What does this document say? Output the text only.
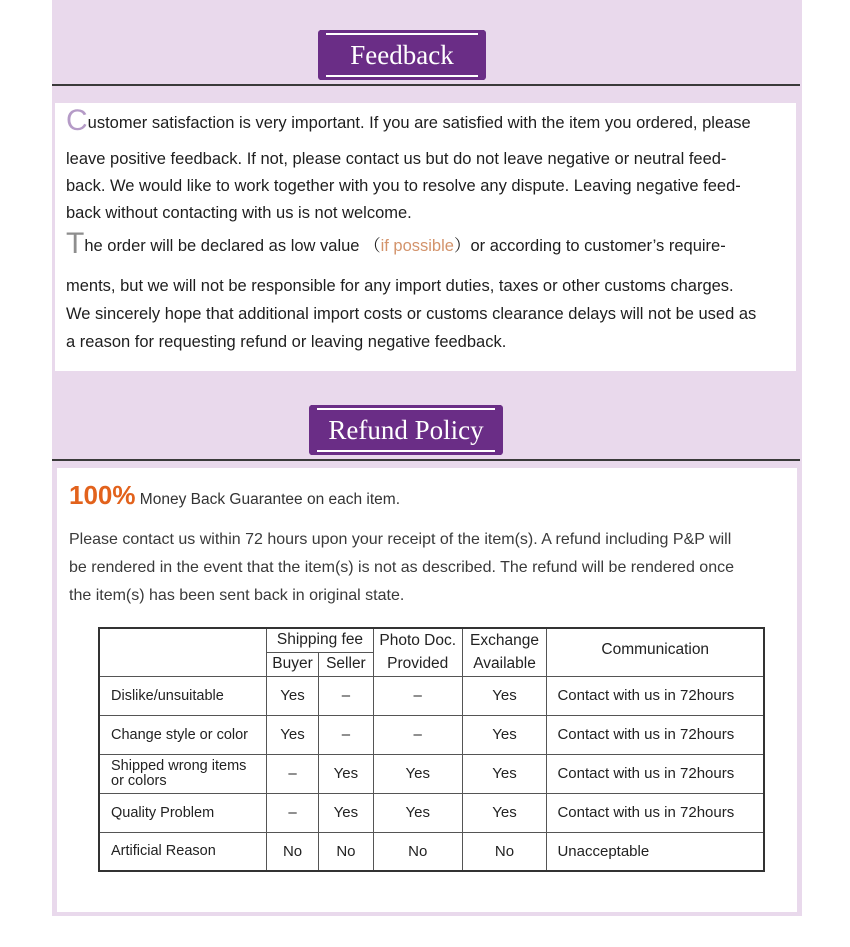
Feedback
Customer satisfaction is very important. If you are satisfied with the item you ordered, please
leave positive feedback. If not, please contact us but do not leave negative or neutral feed-
back. We would like to work together with you to resolve any dispute. Leaving negative feed-
back without contacting with us is not welcome.
The order will be declared as low value （if possible）or according to customer’s require-
ments, but we will not be responsible for any import duties, taxes or other customs charges.
We sincerely hope that additional import costs or customs clearance delays will not be used as
a reason for requesting refund or leaving negative feedback.
Refund Policy
100% Money Back Guarantee on each item.
Please contact us within 72 hours upon your receipt of the item(s). A refund including P&P will
be rendered in the event that the item(s) is not as described. The refund will be rendered once
the item(s) has been sent back in original state.
	Shipping fee		Photo Doc.	Exchange	Communication
	Buyer	Seller	Provided	Available	
Dislike/unsuitable	Yes	–	–	Yes	Contact with us in 72hours
Change style or color	Yes	–	–	Yes	Contact with us in 72hours

Shipped wrong items
or colors	–	Yes	Yes	Yes	Contact with us in 72hours
Quality Problem	–	Yes	Yes	Yes	Contact with us in 72hours
Artificial Reason	No	No	No	No	Unacceptable
